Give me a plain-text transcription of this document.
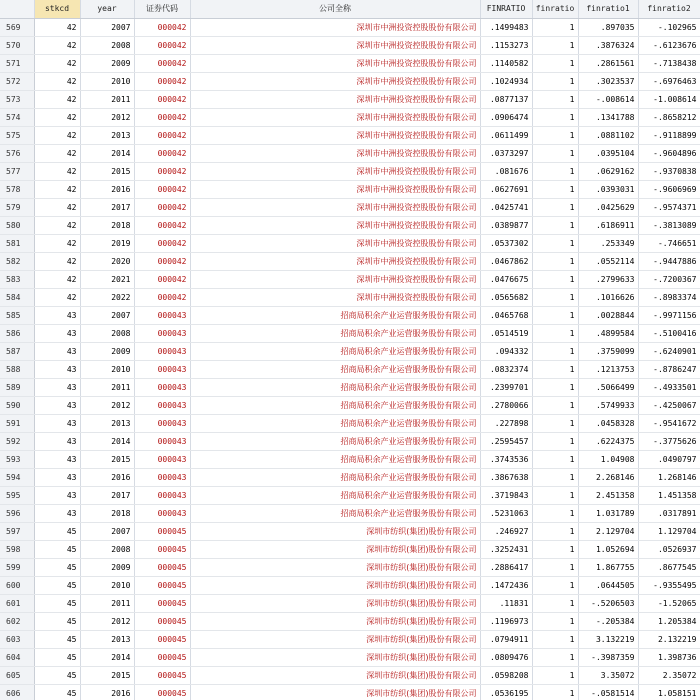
	stkcd	year	证券代码	公司全称	FINRATIO	finratio	finratio1	finratio2
569	42	2007	000042	深圳市中洲投资控股股份有限公司	.1499483	1	.897035	-.102965
570	42	2008	000042	深圳市中洲投资控股股份有限公司	.1153273	1	.3876324	-.6123676
571	42	2009	000042	深圳市中洲投资控股股份有限公司	.1140582	1	.2861561	-.7138438
572	42	2010	000042	深圳市中洲投资控股股份有限公司	.1024934	1	.3023537	-.6976463
573	42	2011	000042	深圳市中洲投资控股股份有限公司	.0877137	1	-.008614	-1.008614
574	42	2012	000042	深圳市中洲投资控股股份有限公司	.0906474	1	.1341788	-.8658212
575	42	2013	000042	深圳市中洲投资控股股份有限公司	.0611499	1	.0881102	-.9118899
576	42	2014	000042	深圳市中洲投资控股股份有限公司	.0373297	1	.0395104	-.9604896
577	42	2015	000042	深圳市中洲投资控股股份有限公司	.081676	1	.0629162	-.9370838
578	42	2016	000042	深圳市中洲投资控股股份有限公司	.0627691	1	.0393031	-.9606969
579	42	2017	000042	深圳市中洲投资控股股份有限公司	.0425741	1	.0425629	-.9574371
580	42	2018	000042	深圳市中洲投资控股股份有限公司	.0389877	1	.6186911	-.3813089
581	42	2019	000042	深圳市中洲投资控股股份有限公司	.0537302	1	.253349	-.746651
582	42	2020	000042	深圳市中洲投资控股股份有限公司	.0467862	1	.0552114	-.9447886
583	42	2021	000042	深圳市中洲投资控股股份有限公司	.0476675	1	.2799633	-.7200367
584	42	2022	000042	深圳市中洲投资控股股份有限公司	.0565682	1	.1016626	-.8983374
585	43	2007	000043	招商局积余产业运营服务股份有限公司	.0465768	1	.0028844	-.9971156
586	43	2008	000043	招商局积余产业运营服务股份有限公司	.0514519	1	.4899584	-.5100416
587	43	2009	000043	招商局积余产业运营服务股份有限公司	.094332	1	.3759099	-.6240901
588	43	2010	000043	招商局积余产业运营服务股份有限公司	.0832374	1	.1213753	-.8786247
589	43	2011	000043	招商局积余产业运营服务股份有限公司	.2399701	1	.5066499	-.4933501
590	43	2012	000043	招商局积余产业运营服务股份有限公司	.2780066	1	.5749933	-.4250067
591	43	2013	000043	招商局积余产业运营服务股份有限公司	.227898	1	.0458328	-.9541672
592	43	2014	000043	招商局积余产业运营服务股份有限公司	.2595457	1	.6224375	-.3775626
593	43	2015	000043	招商局积余产业运营服务股份有限公司	.3743536	1	1.04908	.0490797
594	43	2016	000043	招商局积余产业运营服务股份有限公司	.3867638	1	2.268146	1.268146
595	43	2017	000043	招商局积余产业运营服务股份有限公司	.3719843	1	2.451358	1.451358
596	43	2018	000043	招商局积余产业运营服务股份有限公司	.5231063	1	1.031789	.0317891
597	45	2007	000045	深圳市纺织(集团)股份有限公司	.246927	1	2.129704	1.129704
598	45	2008	000045	深圳市纺织(集团)股份有限公司	.3252431	1	1.052694	.0526937
599	45	2009	000045	深圳市纺织(集团)股份有限公司	.2886417	1	1.867755	.8677545
600	45	2010	000045	深圳市纺织(集团)股份有限公司	.1472436	1	.0644505	-.9355495
601	45	2011	000045	深圳市纺织(集团)股份有限公司	.11831	1	-.5206503	-1.52065
602	45	2012	000045	深圳市纺织(集团)股份有限公司	.1196973	1	-.205384	1.205384
603	45	2013	000045	深圳市纺织(集团)股份有限公司	.0794911	1	3.132219	2.132219
604	45	2014	000045	深圳市纺织(集团)股份有限公司	.0809476	1	-.3987359	1.398736
605	45	2015	000045	深圳市纺织(集团)股份有限公司	.0598208	1	3.35072	2.35072
606	45	2016	000045	深圳市纺织(集团)股份有限公司	.0536195	1	-.0581514	1.058151
